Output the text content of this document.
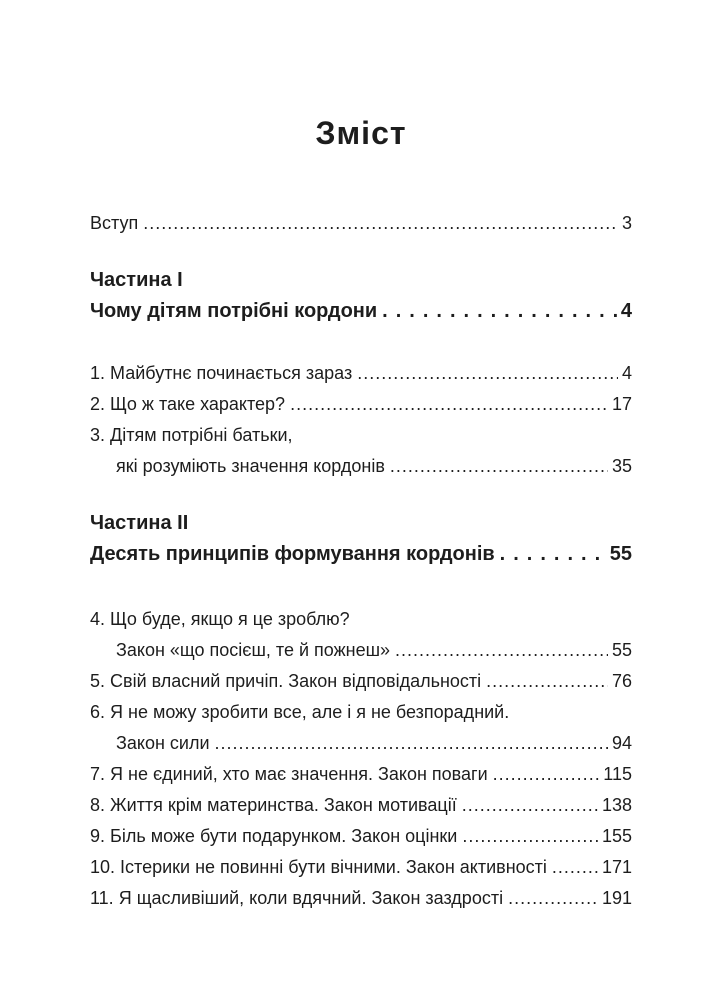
Зміст
Вступ .....	3
Частина I
Чому дітям потрібні кордони .....	4
1. Майбутнє починається зараз .....	4
2. Що ж таке характер? .....	17
3. Дітям потрібні батьки,
які розуміють значення кордонів .....	35
Частина II
Десять принципів формування кордонів .....	55
4. Що буде, якщо я це зроблю?
Закон «що посієш, те й пожнеш» .....	55
5. Свій власний причіп. Закон відповідальності .....	76
6. Я не можу зробити все, але і я не безпорадний.
Закон сили .....	94
7. Я не єдиний, хто має значення. Закон поваги .....	115
8. Життя крім материнства. Закон мотивації .....	138
9. Біль може бути подарунком. Закон оцінки .....	155
10. Істерики не повинні бути вічними. Закон активності .....	171
11. Я щасливіший, коли вдячний. Закон заздрості .....	191
